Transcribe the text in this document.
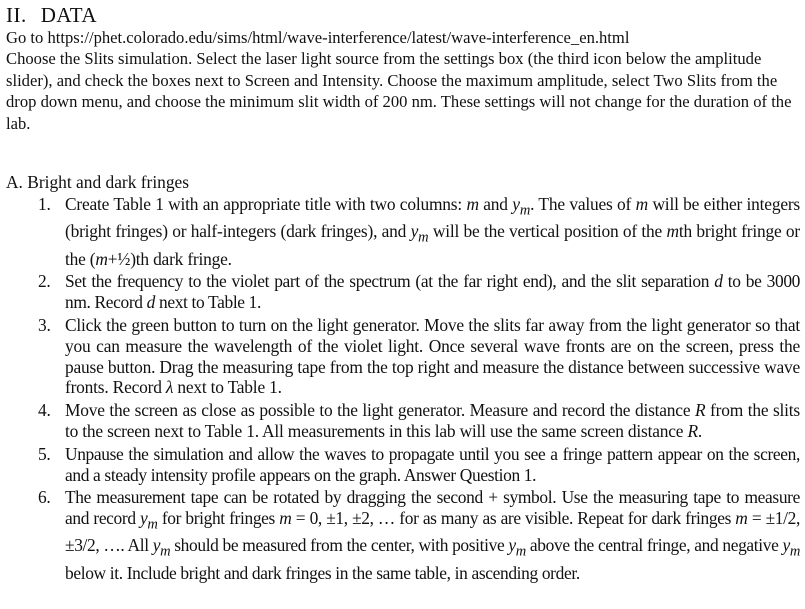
II. DATA
Go to https://phet.colorado.edu/sims/html/wave-interference/latest/wave-interference_en.html
Choose the Slits simulation. Select the laser light source from the settings box (the third icon below the amplitude slider), and check the boxes next to Screen and Intensity. Choose the maximum amplitude, select Two Slits from the drop down menu, and choose the minimum slit width of 200 nm. These settings will not change for the duration of the lab.
A. Bright and dark fringes
1. Create Table 1 with an appropriate title with two columns: m and $y_m$. The values of m will be either integers (bright fringes) or half-integers (dark fringes), and $y_m$ will be the vertical position of the mth bright fringe or the (m+½)th dark fringe.
2. Set the frequency to the violet part of the spectrum (at the far right end), and the slit separation d to be 3000 nm. Record d next to Table 1.
3. Click the green button to turn on the light generator. Move the slits far away from the light generator so that you can measure the wavelength of the violet light. Once several wave fronts are on the screen, press the pause button. Drag the measuring tape from the top right and measure the distance between successive wave fronts. Record λ next to Table 1.
4. Move the screen as close as possible to the light generator. Measure and record the distance R from the slits to the screen next to Table 1. All measurements in this lab will use the same screen distance R.
5. Unpause the simulation and allow the waves to propagate until you see a fringe pattern appear on the screen, and a steady intensity profile appears on the graph. Answer Question 1.
6. The measurement tape can be rotated by dragging the second + symbol. Use the measuring tape to measure and record $y_m$ for bright fringes m = 0, ±1, ±2, … for as many as are visible. Repeat for dark fringes m = ±1/2, ±3/2, …. All $y_m$ should be measured from the center, with positive $y_m$ above the central fringe, and negative $y_m$ below it. Include bright and dark fringes in the same table, in ascending order.
